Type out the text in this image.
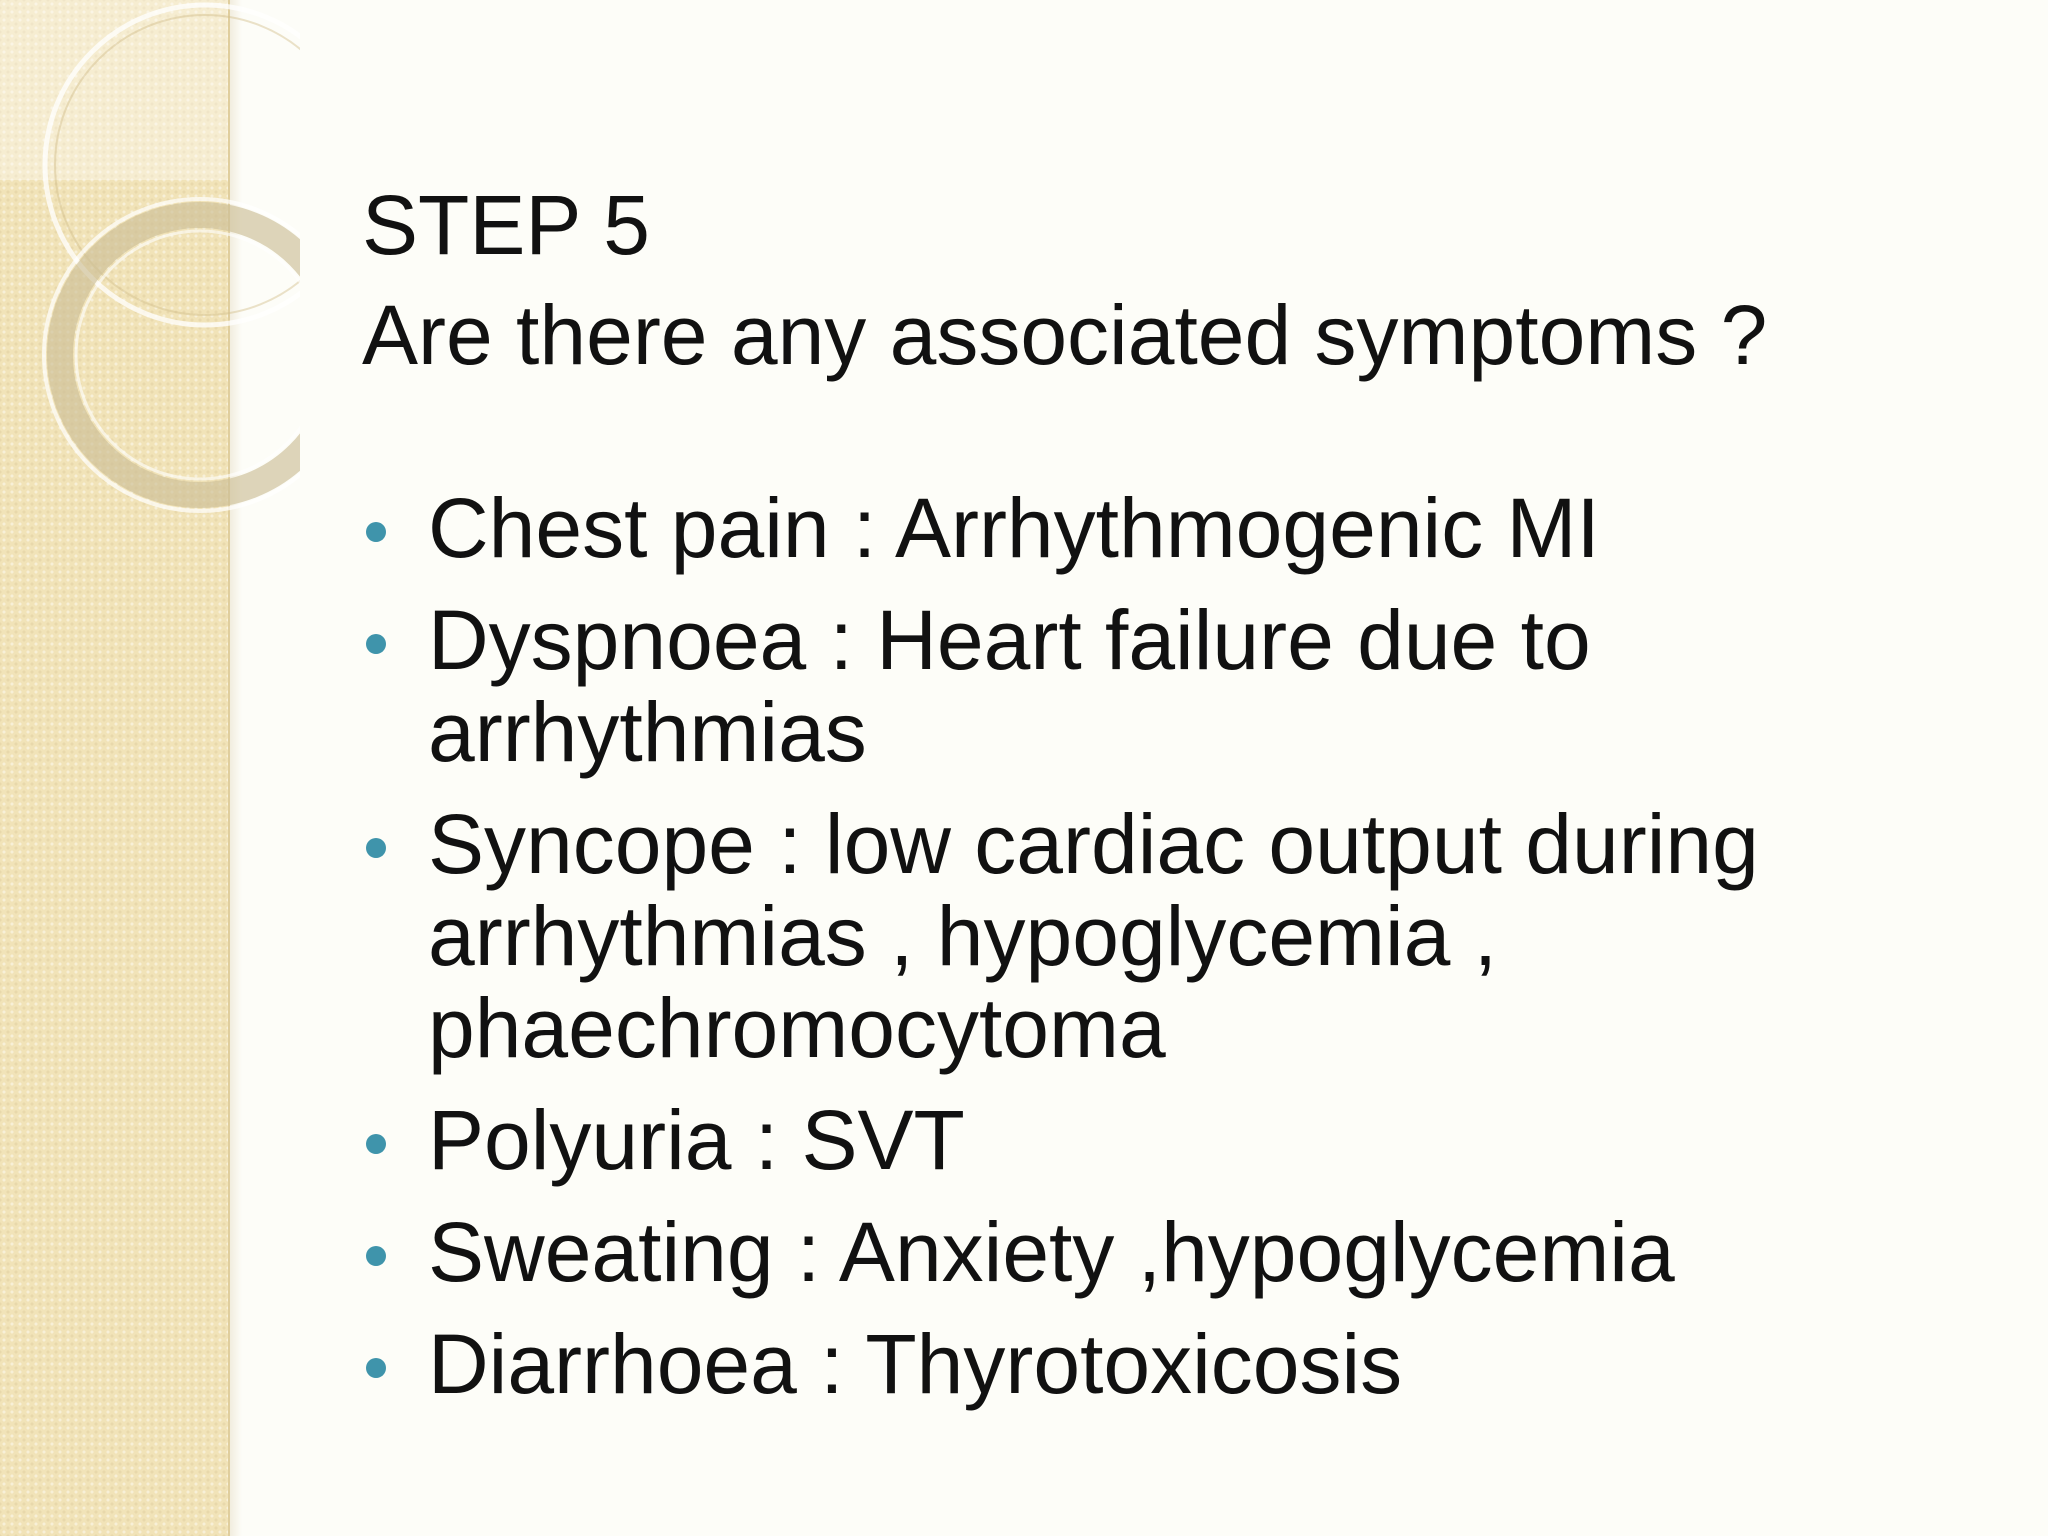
STEP 5

Are there any associated symptoms ?

Chest pain : Arrhythmogenic MI
Dyspnoea : Heart failure due to arrhythmias
Syncope : low cardiac output during arrhythmias , hypoglycemia , phaechromocytoma
Polyuria : SVT
Sweating : Anxiety ,hypoglycemia
Diarrhoea : Thyrotoxicosis
